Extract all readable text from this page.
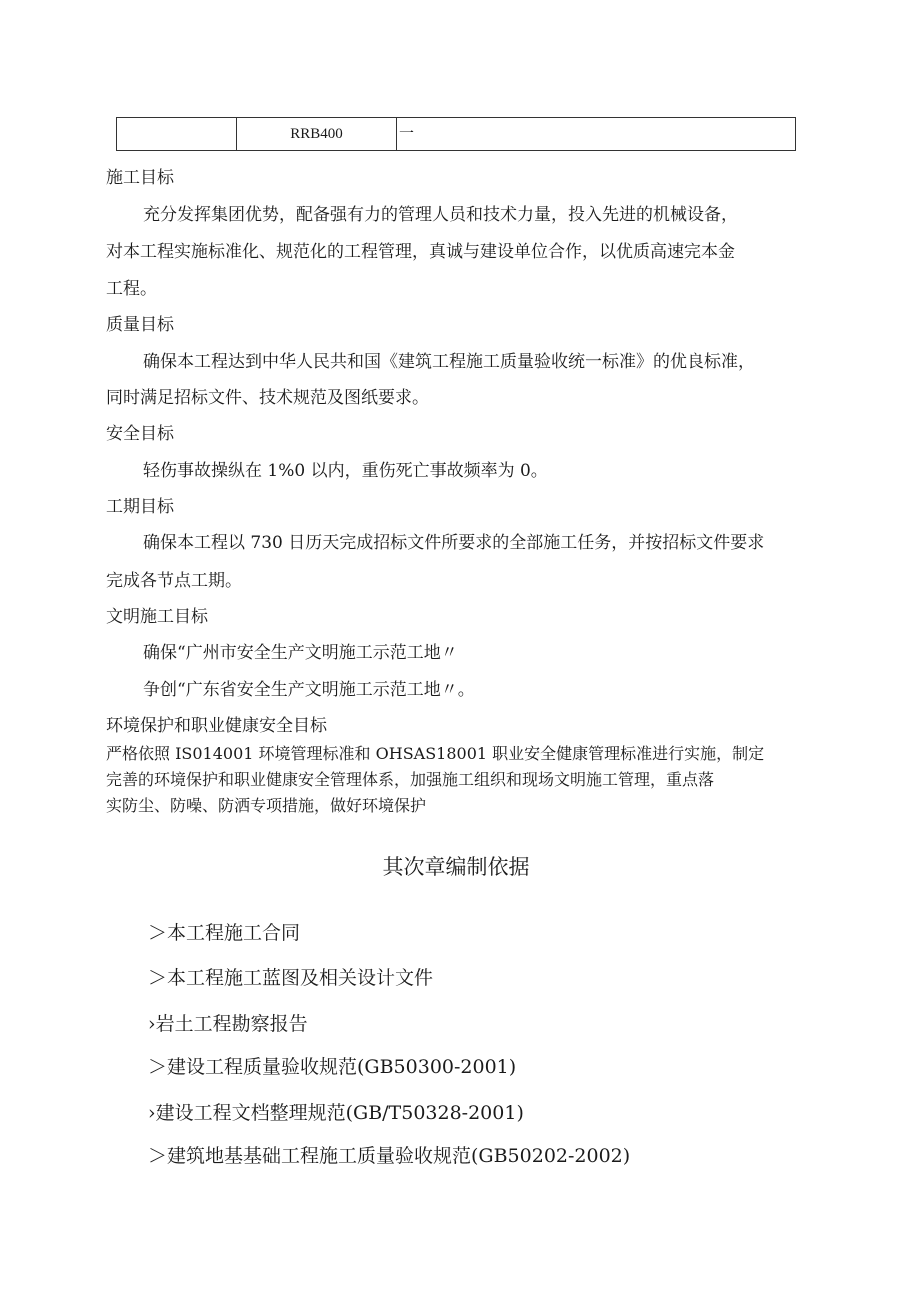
	RRB400	一
施工目标
充分发挥集团优势，配备强有力的管理人员和技术力量，投入先进的机械设备，
对本工程实施标准化、规范化的工程管理，真诚与建设单位合作，以优质高速完本金
工程。
质量目标
确保本工程达到中华人民共和国《建筑工程施工质量验收统一标准》的优良标准，
同时满足招标文件、技术规范及图纸要求。
安全目标
轻伤事故操纵在 1%0 以内，重伤死亡事故频率为 0。
工期目标
确保本工程以 730 日历天完成招标文件所要求的全部施工任务，并按招标文件要求
完成各节点工期。
文明施工目标
确保“广州市安全生产文明施工示范工地〃
争创“广东省安全生产文明施工示范工地〃。
环境保护和职业健康安全目标
严格依照 IS014001 环境管理标准和 OHSAS18001 职业安全健康管理标准进行实施，制定
完善的环境保护和职业健康安全管理体系，加强施工组织和现场文明施工管理，重点落
实防尘、防噪、防洒专项措施，做好环境保护
其次章编制依据
＞本工程施工合同
＞本工程施工蓝图及相关设计文件
›岩土工程勘察报告
＞建设工程质量验收规范(GB50300-2001)
›建设工程文档整理规范(GB/T50328-2001)
＞建筑地基基础工程施工质量验收规范(GB50202-2002)
